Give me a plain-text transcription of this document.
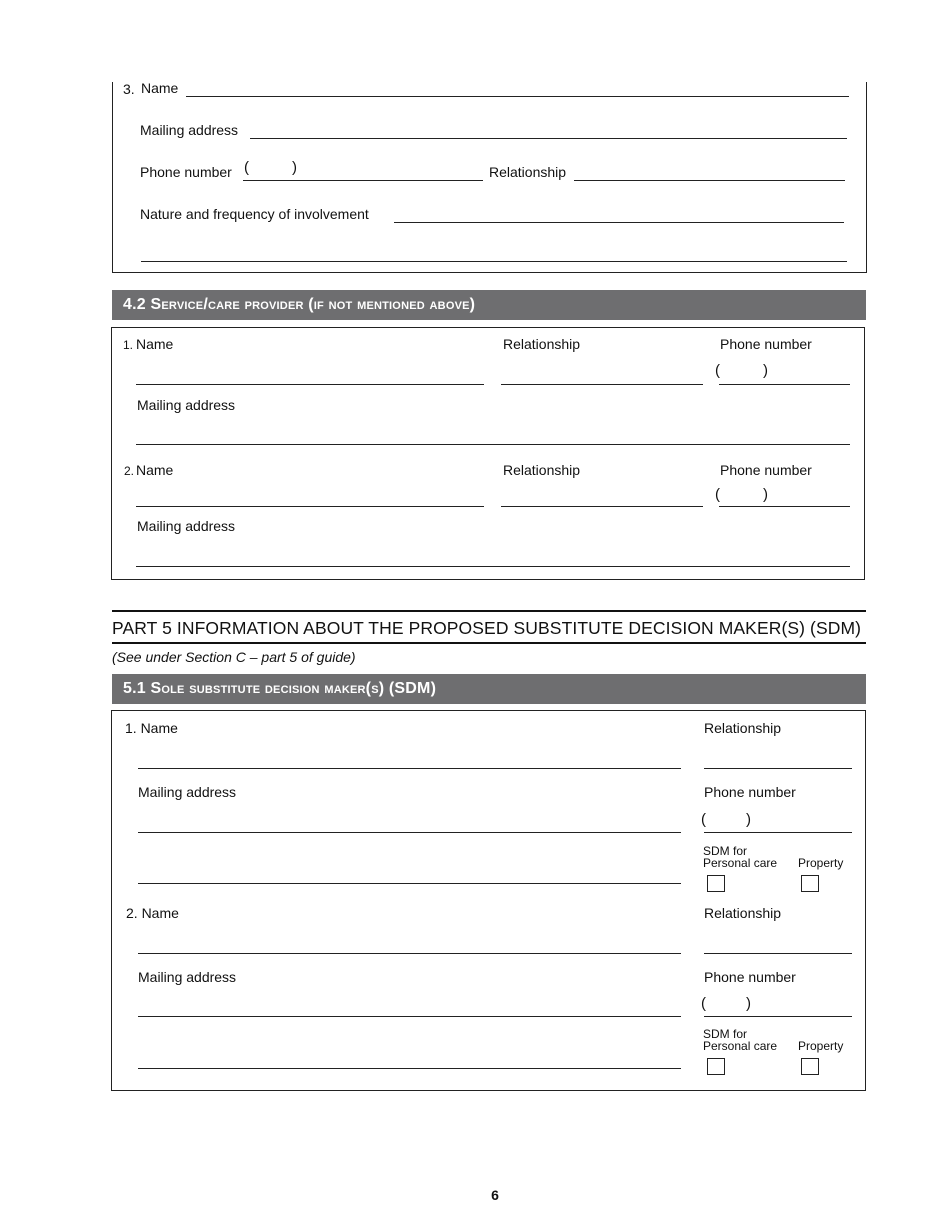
3. Name
Mailing address
Phone number (	)	Relationship
Nature and frequency of involvement
4.2 Service/care provider (if not mentioned above)
1. Name	Relationship	Phone number
(	)
Mailing address
2. Name	Relationship	Phone number
(	)
Mailing address
PART 5 INFORMATION ABOUT THE PROPOSED SUBSTITUTE DECISION MAKER(S) (SDM)
(See under Section C – part 5 of guide)
5.1 Sole substitute decision maker(s) (SDM)
1. Name	Relationship
Mailing address	Phone number
(	)
SDM for
Personal care Property
2. Name	Relationship
Mailing address	Phone number
(	)
SDM for
Personal care Property
6
